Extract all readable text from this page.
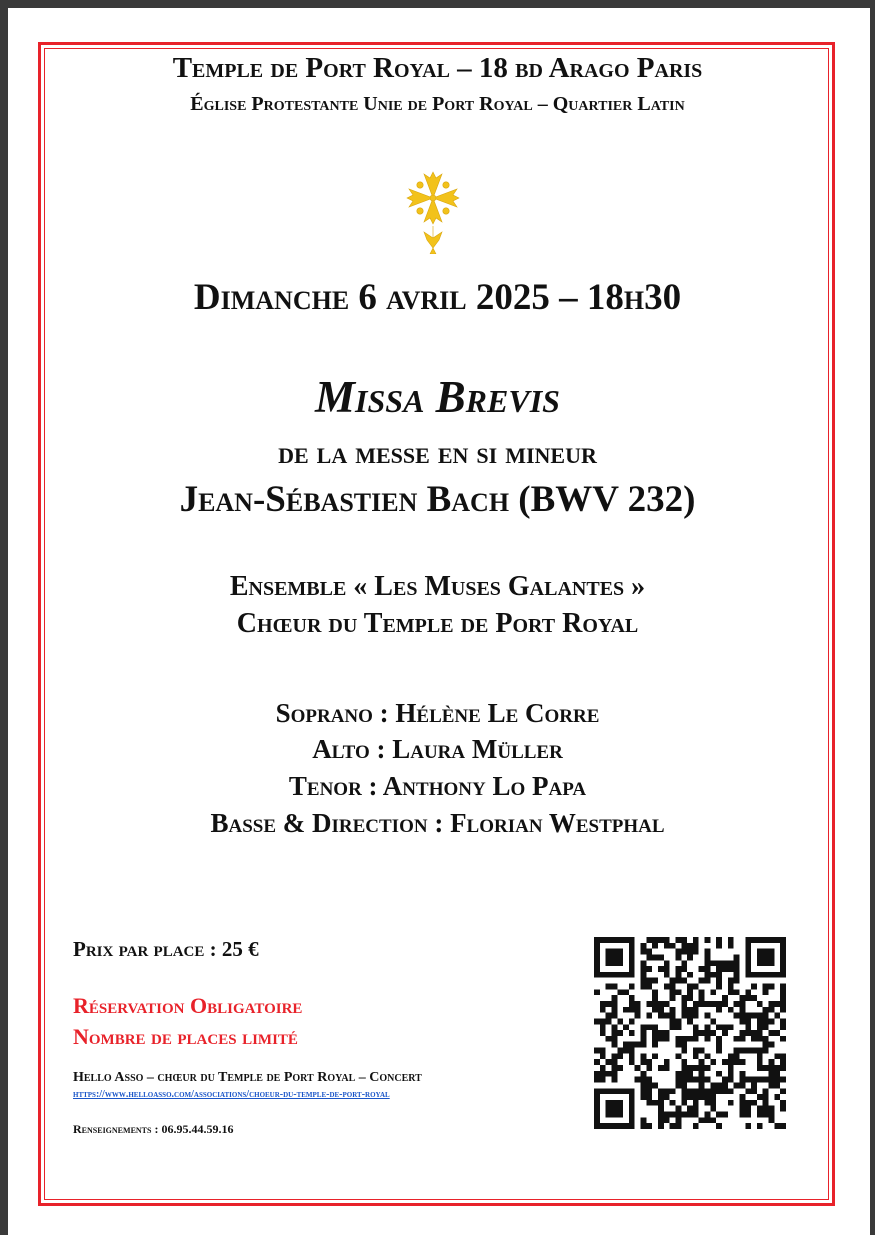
Temple de Port Royal – 18 bd Arago Paris

Église Protestante Unie de Port Royal – Quartier Latin

Dimanche 6 avril 2025 – 18h30

Missa Brevis

de la messe en si mineur

Jean-Sébastien Bach (BWV 232)

Ensemble « Les Muses Galantes »

Chœur du Temple de Port Royal

Soprano : Hélène Le Corre

Alto : Laura Müller

Tenor : Anthony Lo Papa

Basse & Direction : Florian Westphal

Prix par place : 25 €
Réservation Obligatoire
Nombre de places limité
Hello Asso – chœur du Temple de Port Royal – Concert
https://www.helloasso.com/associations/choeur-du-temple-de-port-royal
Renseignements : 06.95.44.59.16
